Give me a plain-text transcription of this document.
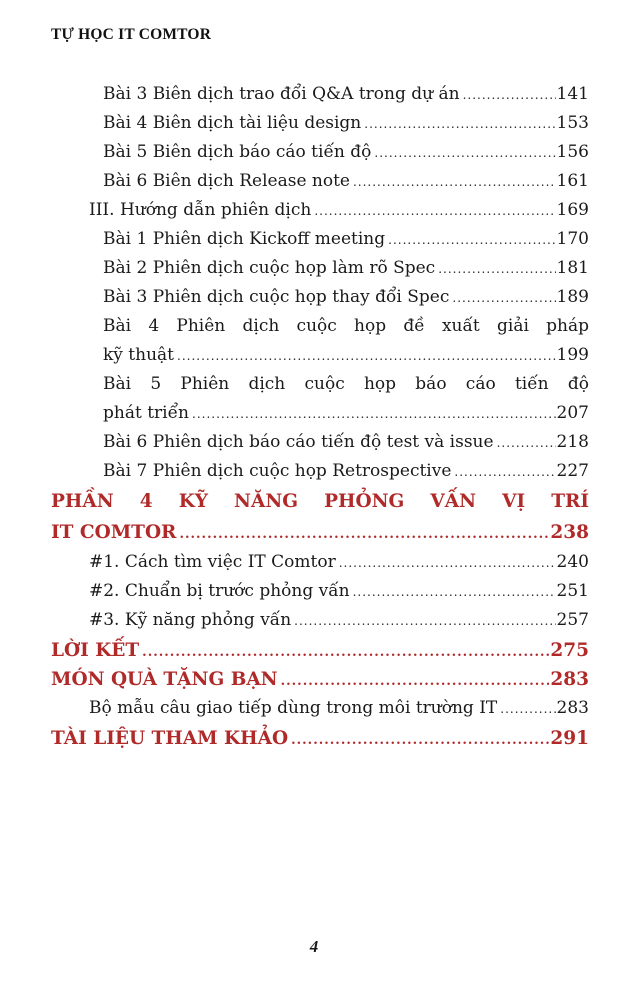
TỰ HỌC IT COMTOR
Bài 3 Biên dịch trao đổi Q&A trong dự án .....	141
Bài 4 Biên dịch tài liệu design .....	153
Bài 5 Biên dịch báo cáo tiến độ .....	156
Bài 6 Biên dịch Release note .....	161
III. Hướng dẫn phiên dịch .....	169
Bài 1 Phiên dịch Kickoff meeting .....	170
Bài 2 Phiên dịch cuộc họp làm rõ Spec .....	181
Bài 3 Phiên dịch cuộc họp thay đổi Spec .....	189
Bài 4 Phiên dịch cuộc họp đề xuất giải pháp
kỹ thuật .....	199
Bài 5 Phiên dịch cuộc họp báo cáo tiến độ
phát triển .....	207
Bài 6 Phiên dịch báo cáo tiến độ test và issue .....	218
Bài 7 Phiên dịch cuộc họp Retrospective .....	227
PHẦN 4 KỸ NĂNG PHỎNG VẤN VỊ TRÍ
IT COMTOR .....	238
#1. Cách tìm việc IT Comtor .....	240
#2. Chuẩn bị trước phỏng vấn .....	251
#3. Kỹ năng phỏng vấn .....	257
LỜI KẾT .....	275
MÓN QUÀ TẶNG BẠN .....	283
Bộ mẫu câu giao tiếp dùng trong môi trường IT .....	283
TÀI LIỆU THAM KHẢO .....	291
4
